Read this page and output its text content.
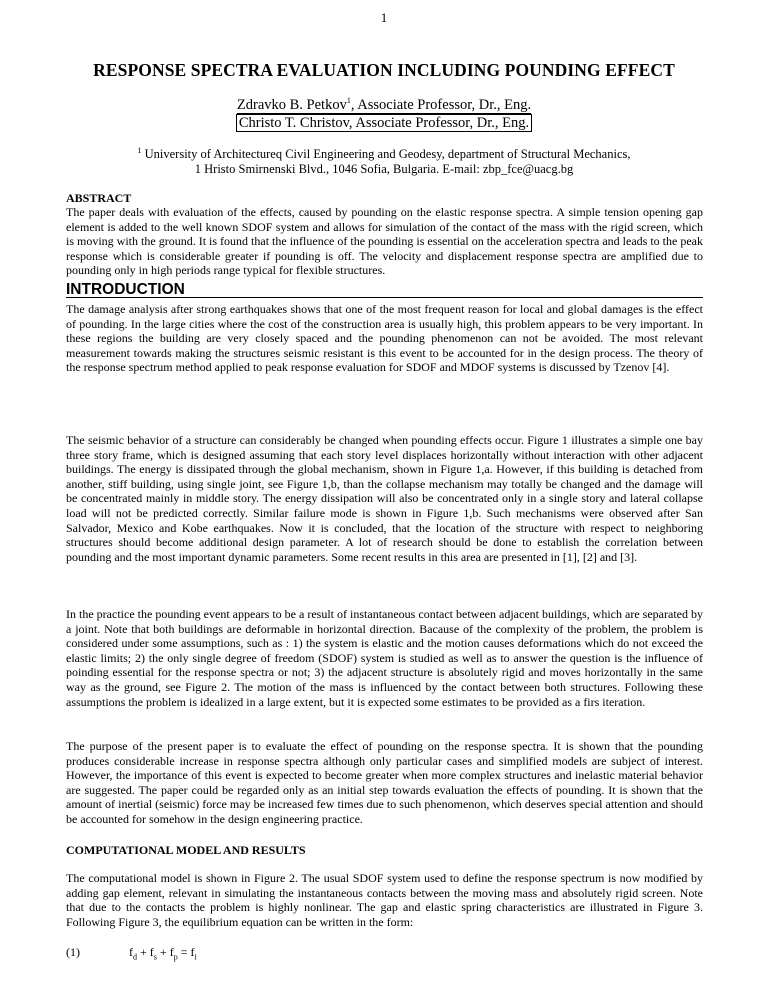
1
RESPONSE SPECTRA EVALUATION INCLUDING POUNDING EFFECT
Zdravko B. Petkov$^1$, Associate Professor, Dr., Eng.
Christo T. Christov, Associate Professor, Dr., Eng.
$^1$ University of Architecturеq Civil Engineering and Geodesy, department of Structural Mechanics,
1 Hristo Smirnenski Blvd., 1046 Sofia, Bulgaria. E-mail: zbp_fce@uacg.bg
ABSTRACT
The paper deals with evaluation of the effects, caused by pounding on the elastic response spectra. A simple tension opening gap element is added to the well known SDOF system and allows for simulation of the contact of the mass with the rigid screen, which is moving with the ground. It is found that the influence of the pounding is essential on the acceleration spectra and leads to the peak response which is considerable greater if pounding is off. The velocity and displacement response spectra are amplified due to pounding only in high periods range typical for flexible structures.
INTRODUCTION
The damage analysis after strong earthquakes shows that one of the most frequent reason for local and global damages is the effect of pounding. In the large cities where the cost of the construction area is usually high, this problem appears to be very important. In these regions the building are very closely spaced and the pounding phenomenon can not be avoided. The most relevant measurement towards making the structures seismic resistant is this event to be accounted for in the design process. The theory of the response spectrum method applied to peak response evaluation for SDOF and MDOF systems is discussed by Tzenov [4].
The seismic behavior of a structure can considerably be changed when pounding effects occur. Figure 1 illustrates a simple one bay three story frame, which is designed assuming that each story level displaces horizontally without interaction with other adjacent buildings. The energy is dissipated through the global mechanism, shown in Figure 1,a. However, if this building is detached from another, stiff building, using single joint, see Figure 1,b, than the collapse mechanism may totally be changed and the damage will be concentrated mainly in middle story. The energy dissipation will also be concentrated only in a single story and lateral collapse load will not be predicted correctly. Similar failure mode is shown in Figure 1,b. Such mechanisms were observed after San Salvador, Mexico and Kobe earthquakes. Now it is concluded, that the location of the structure with respect to neighboring structures should become additional design parameter. A lot of research should be done to establish the correlation between pounding and the most important dynamic parameters. Some recent results in this area are presented in [1], [2] and [3].
In the practice the pounding event appears to be a result of instantaneous contact between adjacent buildings, which are separated by a joint. Note that both buildings are deformable in horizontal direction. Bacause of the complexity of the problem, the problem is considered under some assumptions, such as : 1) the system is elastic and the motion causes deformations which do not exceed the elastic limits; 2) the only single degree of freedom (SDOF) system is studied as well as to answer the question is the influence of poinding essential for the response spectra or not; 3) the adjacent structure is absolutely rigid and moves horizontally in the same way as the ground, see Figure 2. The motion of the mass is influenced by the contact between both structures. Following these assumptions the problem is idealized in a large extent, but it is expected some estimates to be provided as a firs iteration.
The purpose of the present paper is to evaluate the effect of pounding on the response spectra. It is shown that the pounding produces considerable increase in response spectra although only particular cases and simplified models are subject of interest. However, the importance of this event is expected to become greater when more complex structures and inelastic material behavior are suggested. The paper could be regarded only as an initial step towards evaluation the effects of pounding. It is shown that the amount of inertial (seismic) force may be increased few times due to such phenomenon, which deserves special attention and should be accounted for somehow in the design engineering practice.
COMPUTATIONAL MODEL AND RESULTS
The computational model is shown in Figure 2. The usual SDOF system used to define the response spectrum is now modified by adding gap element, relevant in simulating the instantaneous contacts between the moving mass and absolutely rigid screen. Note that due to the contacts the problem is highly nonlinear. The gap and elastic spring characteristics are illustrated in Figure 3. Following Figure 3, the equilibrium equation can be written in the form:
(1)	$f_d + f_s + f_p = f_i$
